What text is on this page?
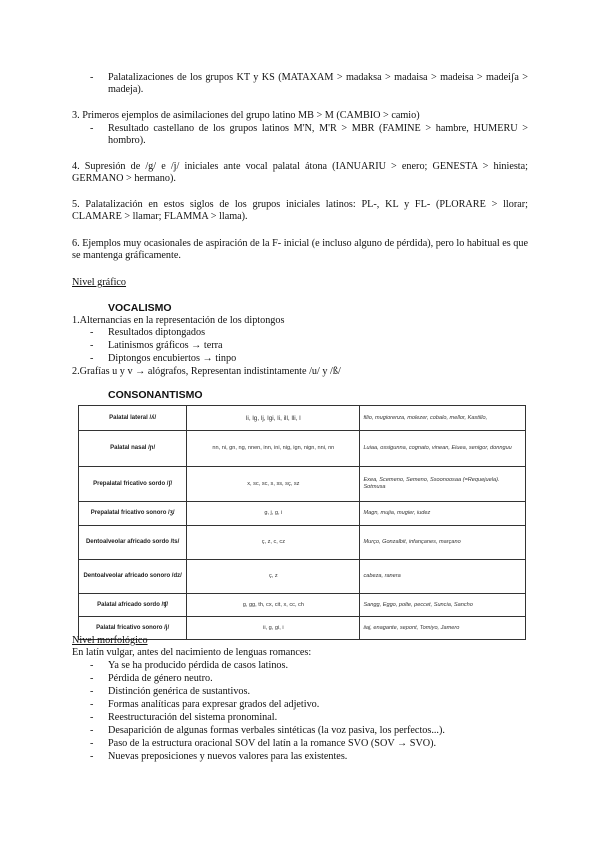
- Palatalizaciones de los grupos KT y KS (MATAXAM > madaksa > madaisa > madeisa > madeiʃa > madeja).
3. Primeros ejemplos de asimilaciones del grupo latino MB > M (CAMBIO > camio)
- Resultado castellano de los grupos latinos M'N, M'R > MBR (FAMINE > hambre, HUMERU > hombro).
4. Supresión de /g/ e /j/ iniciales ante vocal palatal átona (IANUARIU > enero; GENESTA > hiniesta; GERMANO > hermano).
5. Palatalización en estos siglos de los grupos iniciales latinos: PL-, KL y FL- (PLORARE > llorar; CLAMARE > llamar; FLAMMA > llama).
6. Ejemplos muy ocasionales de aspiración de la F- inicial (e incluso alguno de pérdida), pero lo habitual es que se mantenga gráficamente.
Nivel gráfico
VOCALISMO
1.Alternancias en la representación de los diptongos
- Resultados diptongados
- Latinismos gráficos → terra
- Diptongos encubiertos → tinpo
2.Grafías u y v → alógrafos, Representan indistintamente /u/ y /ß/
CONSONANTISMO
Palatal lateral /ʎ/	li, lg, lj, lgi, li, ill, lli, l	filio, mugiorenza, molezer, cobalo, mellor, Kastillo,
Palatal nasal /ɲ/	nn, ni, gn, ng, nnen, inn, ini, nig, ign, nign, nni, nn	Luiaa, ossigunna, cognato, vinean, Eiuea, senigor, donnguu
Prepalatal fricativo sordo /ʃ/	x, sc, sc, s, ss, sç, sz	Exea, Scemeno, Semeno, Ssoonoosaa (=Requejuela). Sotmusa
Prepalatal fricativo sonoro /ʒ/	g, j, g, i	Magn, mujia, mugier, iudez
Dentoalveolar africado sordo /ts/	ç, z, c, cz	Murço, Gonzalbit, infançanes, marçano
Dentoalveolar africado sonoro /dz/	ç, z	cabeza, ranera
Palatal africado sordo /ʧ/	g, gg, th, cx, cit, x, cc, ch	Sangg, Eggo, polte, peccet, Suncia, Sancho
Palatal fricativo sonoro /j/	ii, g, gi, i	iiaj, enagante, sepont, Tomiyo, Jamero
Nivel morfológico
En latín vulgar, antes del nacimiento de lenguas romances:
- Ya se ha producido pérdida de casos latinos.
- Pérdida de género neutro.
- Distinción genérica de sustantivos.
- Formas analíticas para expresar grados del adjetivo.
- Reestructuración del sistema pronominal.
- Desaparición de algunas formas verbales sintéticas (la voz pasiva, los perfectos...).
- Paso de la estructura oracional SOV del latín a la romance SVO (SOV → SVO).
- Nuevas preposiciones y nuevos valores para las existentes.
